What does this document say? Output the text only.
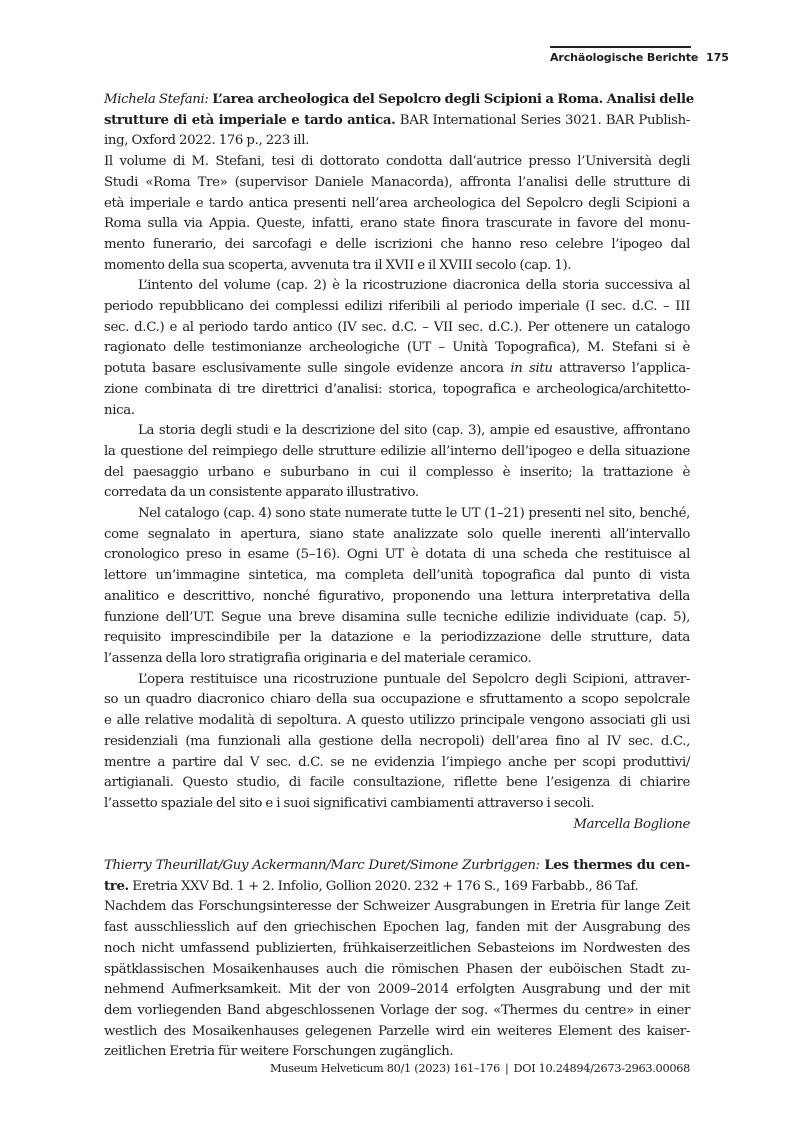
Archäologische Berichte 175
Michela Stefani: L’area archeologica del Sepolcro degli Scipioni a Roma. Analisi delle
strutture di età imperiale e tardo antica. BAR International Series 3021. BAR Publish-
ing, Oxford 2022. 176 p., 223 ill.
Il volume di M. Stefani, tesi di dottorato condotta dall’autrice presso l’Università degli
Studi «Roma Tre» (supervisor Daniele Manacorda), affronta l’analisi delle strutture di
età imperiale e tardo antica presenti nell’area archeologica del Sepolcro degli Scipioni a
Roma sulla via Appia. Queste, infatti, erano state finora trascurate in favore del monu-
mento funerario, dei sarcofagi e delle iscrizioni che hanno reso celebre l’ipogeo dal
momento della sua scoperta, avvenuta tra il XVII e il XVIII secolo (cap. 1).
L’intento del volume (cap. 2) è la ricostruzione diacronica della storia successiva al
periodo repubblicano dei complessi edilizi riferibili al periodo imperiale (I sec. d.C. – III
sec. d.C.) e al periodo tardo antico (IV sec. d.C. – VII sec. d.C.). Per ottenere un catalogo
ragionato delle testimonianze archeologiche (UT – Unità Topografica), M. Stefani si è
potuta basare esclusivamente sulle singole evidenze ancora in situ attraverso l’applica-
zione combinata di tre direttrici d’analisi: storica, topografica e archeologica/architetto-
nica.
La storia degli studi e la descrizione del sito (cap. 3), ampie ed esaustive, affrontano
la questione del reimpiego delle strutture edilizie all’interno dell’ipogeo e della situazione
del paesaggio urbano e suburbano in cui il complesso è inserito; la trattazione è
corredata da un consistente apparato illustrativo.
Nel catalogo (cap. 4) sono state numerate tutte le UT (1–21) presenti nel sito, benché,
come segnalato in apertura, siano state analizzate solo quelle inerenti all’intervallo
cronologico preso in esame (5–16). Ogni UT è dotata di una scheda che restituisce al
lettore un’immagine sintetica, ma completa dell’unità topografica dal punto di vista
analitico e descrittivo, nonché figurativo, proponendo una lettura interpretativa della
funzione dell’UT. Segue una breve disamina sulle tecniche edilizie individuate (cap. 5),
requisito imprescindibile per la datazione e la periodizzazione delle strutture, data
l’assenza della loro stratigrafia originaria e del materiale ceramico.
L’opera restituisce una ricostruzione puntuale del Sepolcro degli Scipioni, attraver-
so un quadro diacronico chiaro della sua occupazione e sfruttamento a scopo sepolcrale
e alle relative modalità di sepoltura. A questo utilizzo principale vengono associati gli usi
residenziali (ma funzionali alla gestione della necropoli) dell’area fino al IV sec. d.C.,
mentre a partire dal V sec. d.C. se ne evidenzia l’impiego anche per scopi produttivi/
artigianali. Questo studio, di facile consultazione, riflette bene l’esigenza di chiarire
l’assetto spaziale del sito e i suoi significativi cambiamenti attraverso i secoli.
Marcella Boglione
Thierry Theurillat/Guy Ackermann/Marc Duret/Simone Zurbriggen: Les thermes du cen-
tre. Eretria XXV Bd. 1 + 2. Infolio, Gollion 2020. 232 + 176 S., 169 Farbabb., 86 Taf.
Nachdem das Forschungsinteresse der Schweizer Ausgrabungen in Eretria für lange Zeit
fast ausschliesslich auf den griechischen Epochen lag, fanden mit der Ausgrabung des
noch nicht umfassend publizierten, frühkaiserzeitlichen Sebasteions im Nordwesten des
spätklassischen Mosaikenhauses auch die römischen Phasen der euböischen Stadt zu-
nehmend Aufmerksamkeit. Mit der von 2009–2014 erfolgten Ausgrabung und der mit
dem vorliegenden Band abgeschlossenen Vorlage der sog. «Thermes du centre» in einer
westlich des Mosaikenhauses gelegenen Parzelle wird ein weiteres Element des kaiser-
zeitlichen Eretria für weitere Forschungen zugänglich.
Museum Helveticum 80/1 (2023) 161–176 | DOI 10.24894/2673-2963.00068
